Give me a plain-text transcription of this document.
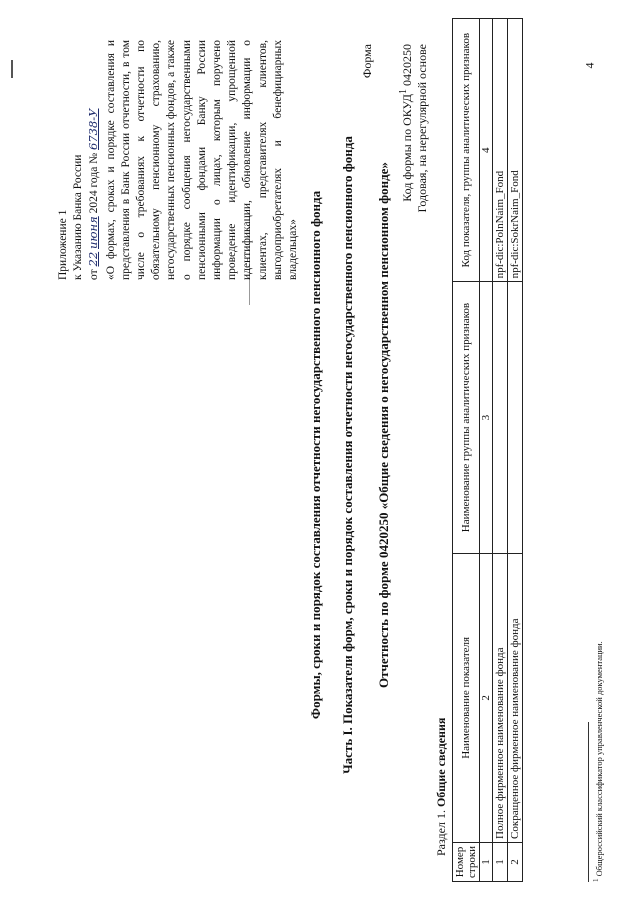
4
Приложение 1 к Указанию Банка России от 22 июня 2024 года № 6738-У «О формах, сроках и порядке составления и представления в Банк России отчетности, в том числе о требованиях к отчетности по обязательному пенсионному страхованию, негосударственных пенсионных фондов, а также о порядке сообщения негосударственными пенсионными фондами Банку России информации о лицах, которым поручено проведение идентификации, упрощенной идентификации, обновление информации о клиентах, представителях клиентов, выгодоприобретателях и бенефициарных владельцах» Формы, сроки и порядок составления отчетности негосударственного пенсионного фонда Часть I. Показатели форм, сроки и порядок составления отчетности негосударственного пенсионного фонда
Форма
Отчетность по форме 0420250 «Общие сведения о негосударственном пенсионном фонде»
Код формы по ОКУД$^1$ 0420250 Годовая, на нерегулярной основе
Раздел 1. Общие сведения
Номер строки	Наименование показателя	Наименование группы аналитических признаков	Код показателя, группы аналитических признаков
1	2	3	4
1	Полное фирменное наименование фонда		npf-dic:PolnNaim_Fond
2	Сокращенное фирменное наименование фонда		npf-dic:SokrNaim_Fond
$^1$ Общероссийский классификатор управленческой документации.
